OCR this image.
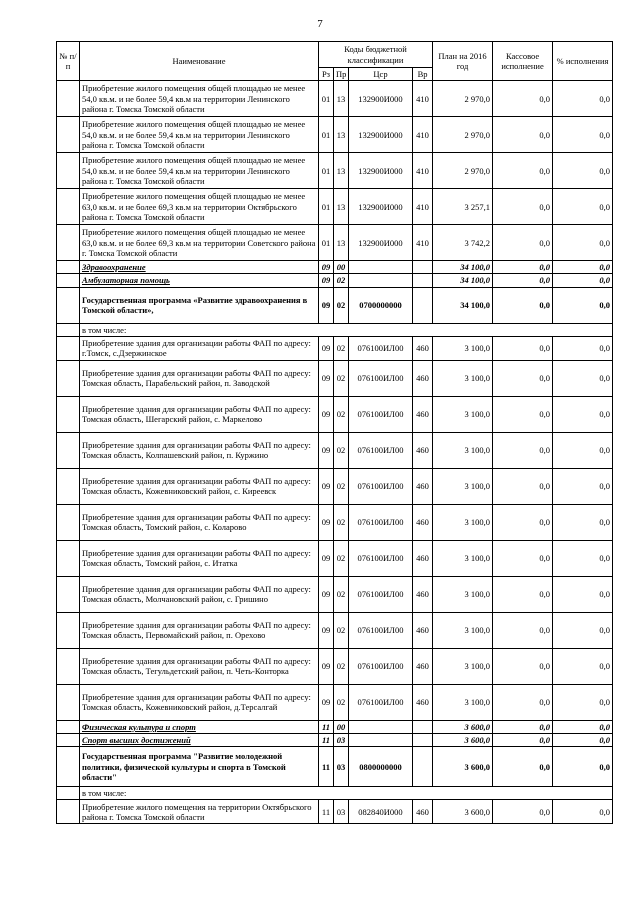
7
№ п/п	Наименование	Коды бюджетной классификации				План на 2016 год	Кассовое исполнение	% исполнения
		Рз	Пр	Цср	Вр			
	Приобретение жилого помещения общей площадью не менее 54,0 кв.м. и не более 59,4 кв.м на территории Ленинского района г. Томска Томской области	01	13	132900И000	410	2 970,0	0,0	0,0
	Приобретение жилого помещения общей площадью не менее 54,0 кв.м. и не более 59,4 кв.м на территории Ленинского района г. Томска Томской области	01	13	132900И000	410	2 970,0	0,0	0,0
	Приобретение жилого помещения общей площадью не менее 54,0 кв.м. и не более 59,4 кв.м на территории Ленинского района г. Томска Томской области	01	13	132900И000	410	2 970,0	0,0	0,0
	Приобретение жилого помещения общей площадью не менее 63,0 кв.м. и не более 69,3 кв.м на территории Октябрьского района г. Томска Томской области	01	13	132900И000	410	3 257,1	0,0	0,0
	Приобретение жилого помещения общей площадью не менее 63,0 кв.м. и не более 69,3 кв.м на территории Советского района г. Томска Томской области	01	13	132900И000	410	3 742,2	0,0	0,0
	Здравоохранение	09	00			34 100,0	0,0	0,0
	Амбулаторная помощь	09	02			34 100,0	0,0	0,0
	Государственная программа «Развитие здравоохранения в Томской области»,	09	02	0700000000		34 100,0	0,0	0,0
	в том числе:							
	Приобретение здания для организации работы ФАП по адресу: г.Томск, с.Дзержинское	09	02	076100ИЛ00	460	3 100,0	0,0	0,0
	Приобретение здания для организации работы ФАП по адресу: Томская область, Парабельский район, п. Заводской	09	02	076100ИЛ00	460	3 100,0	0,0	0,0
	Приобретение здания для организации работы ФАП по адресу: Томская область, Шегарский район, с. Маркелово	09	02	076100ИЛ00	460	3 100,0	0,0	0,0
	Приобретение здания для организации работы ФАП по адресу: Томская область, Колпашевский район, п. Куржино	09	02	076100ИЛ00	460	3 100,0	0,0	0,0
	Приобретение здания для организации работы ФАП по адресу: Томская область, Кожевниковский район, с. Киреевск	09	02	076100ИЛ00	460	3 100,0	0,0	0,0
	Приобретение здания для организации работы ФАП по адресу: Томская область, Томский район, с. Коларово	09	02	076100ИЛ00	460	3 100,0	0,0	0,0
	Приобретение здания для организации работы ФАП по адресу: Томская область, Томский район, с. Итатка	09	02	076100ИЛ00	460	3 100,0	0,0	0,0
	Приобретение здания для организации работы ФАП по адресу: Томская область, Молчановский район, с. Гришино	09	02	076100ИЛ00	460	3 100,0	0,0	0,0
	Приобретение здания для организации работы ФАП по адресу: Томская область, Первомайский район, п. Орехово	09	02	076100ИЛ00	460	3 100,0	0,0	0,0
	Приобретение здания для организации работы ФАП по адресу: Томская область, Тегульдетский район, п. Четь-Конторка	09	02	076100ИЛ00	460	3 100,0	0,0	0,0
	Приобретение здания для организации работы ФАП по адресу: Томская область, Кожевниковский район, д.Терсалгай	09	02	076100ИЛ00	460	3 100,0	0,0	0,0
	Физическая культура и спорт	11	00			3 600,0	0,0	0,0
	Спорт высших достижений	11	03			3 600,0	0,0	0,0
	Государственная программа "Развитие молодежной политики, физической культуры и спорта в Томской области"	11	03	0800000000		3 600,0	0,0	0,0
	в том числе:							
	Приобретение жилого помещения на территории Октябрьского района г. Томска Томской области	11	03	082840И000	460	3 600,0	0,0	0,0
